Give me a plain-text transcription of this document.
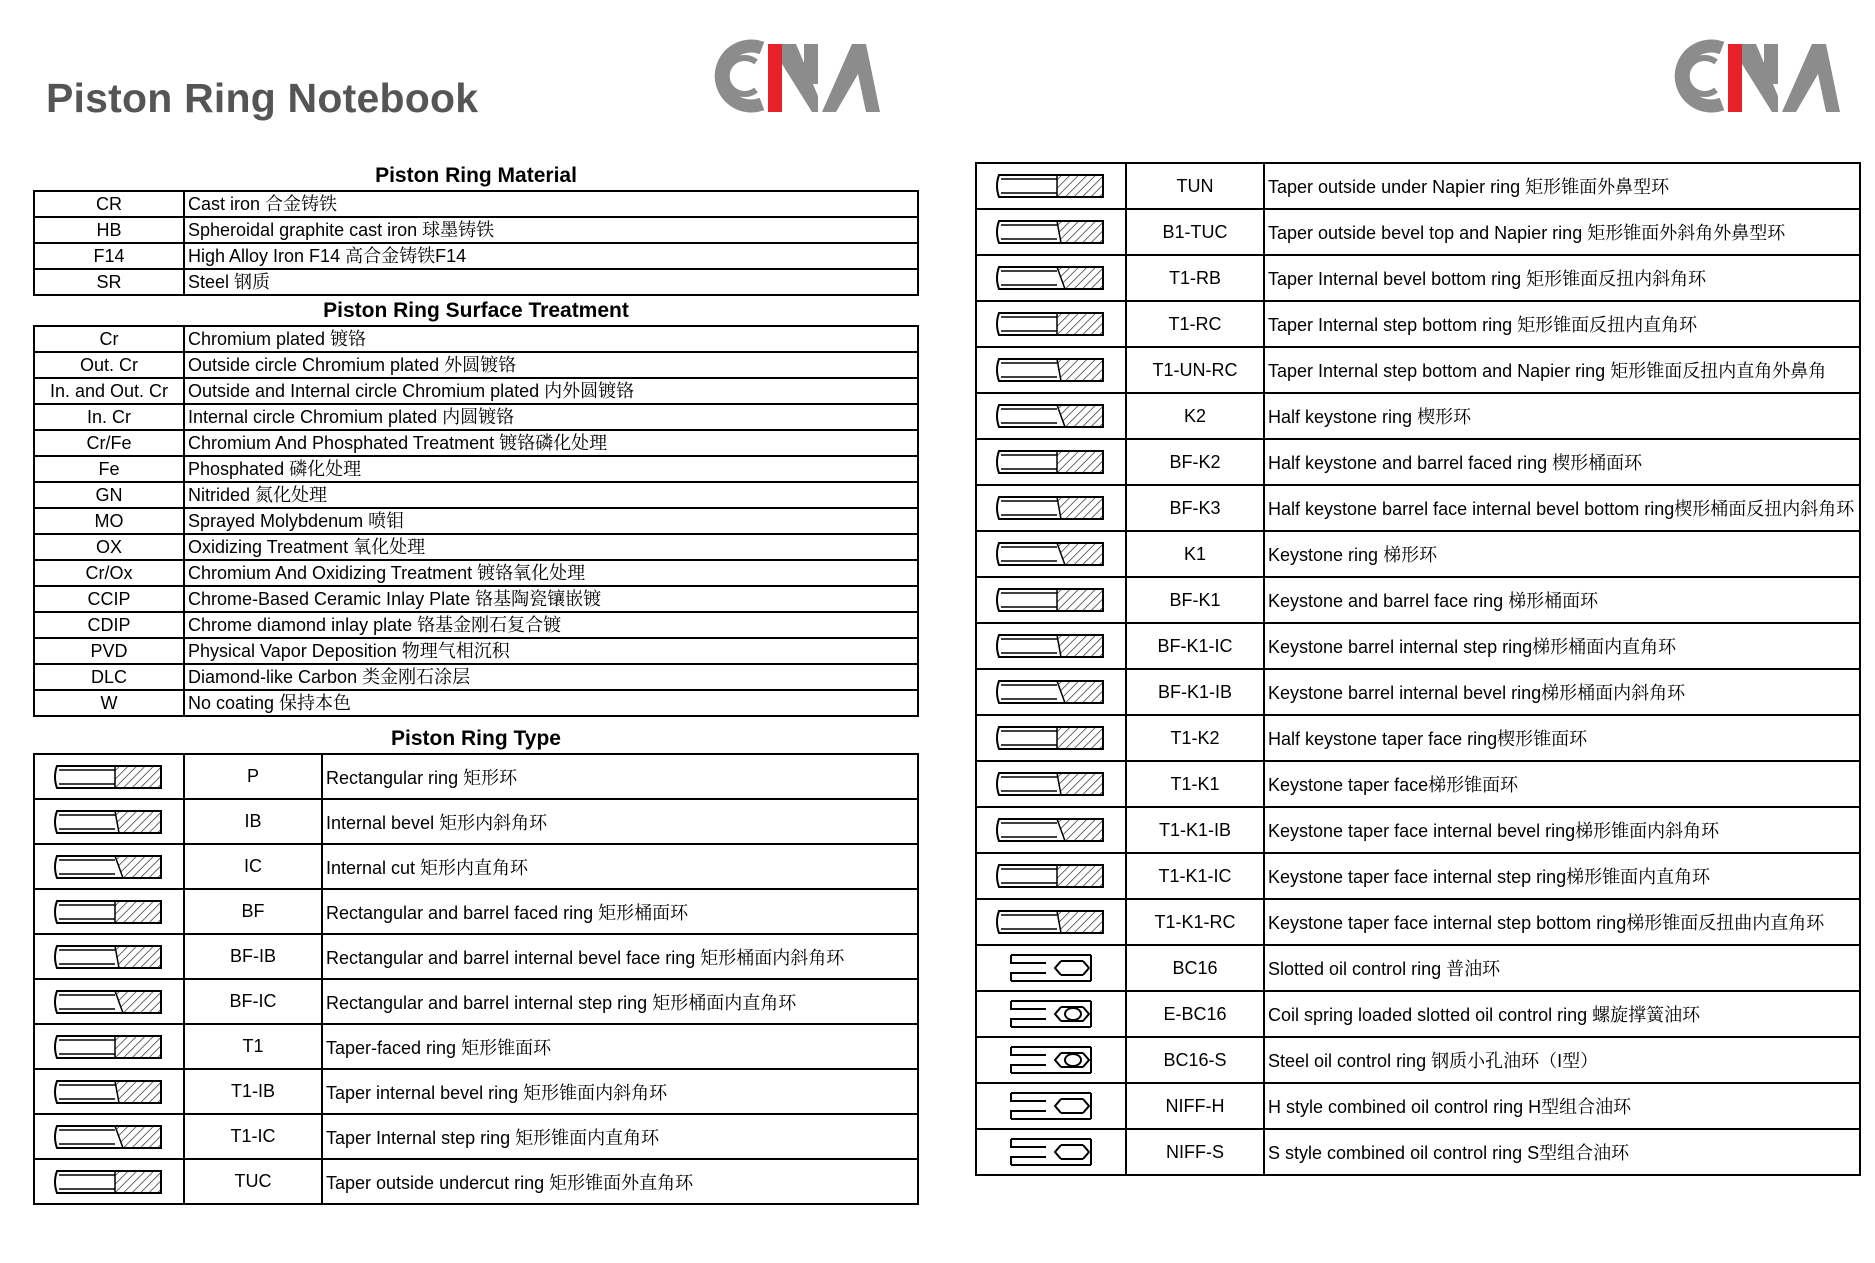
Piston Ring Notebook
Piston Ring Material
CR	Cast iron 合金铸铁
HB	Spheroidal graphite cast iron 球墨铸铁
F14	High Alloy Iron F14 高合金铸铁F14
SR	Steel 钢质
Piston Ring Surface Treatment
Cr	Chromium plated 镀铬
Out. Cr	Outside circle Chromium plated 外圆镀铬
In. and Out. Cr	Outside and Internal circle Chromium plated 内外圆镀铬
In. Cr	Internal circle Chromium plated 内圆镀铬
Cr/Fe	Chromium And Phosphated Treatment 镀铬磷化处理
Fe	Phosphated 磷化处理
GN	Nitrided 氮化处理
MO	Sprayed Molybdenum 喷钼
OX	Oxidizing Treatment 氧化处理
Cr/Ox	Chromium And Oxidizing Treatment 镀铬氧化处理
CCIP	Chrome-Based Ceramic Inlay Plate 铬基陶瓷镶嵌镀
CDIP	Chrome diamond inlay plate 铬基金刚石复合镀
PVD	Physical Vapor Deposition 物理气相沉积
DLC	Diamond-like Carbon 类金刚石涂层
W	No coating 保持本色
Piston Ring Type
	P	Rectangular ring 矩形环

	IB	Internal bevel 矩形内斜角环

	IC	Internal cut 矩形内直角环

	BF	Rectangular and barrel faced ring 矩形桶面环

	BF-IB	Rectangular and barrel internal bevel face ring 矩形桶面内斜角环

	BF-IC	Rectangular and barrel internal step ring 矩形桶面内直角环

	T1	Taper-faced ring 矩形锥面环

	T1-IB	Taper internal bevel ring 矩形锥面内斜角环

	T1-IC	Taper Internal step ring 矩形锥面内直角环

	TUC	Taper outside undercut ring 矩形锥面外直角环
	TUN	Taper outside under Napier ring 矩形锥面外鼻型环

	B1-TUC	Taper outside bevel top and Napier ring 矩形锥面外斜角外鼻型环

	T1-RB	Taper Internal bevel bottom ring 矩形锥面反扭内斜角环

	T1-RC	Taper Internal step bottom ring 矩形锥面反扭内直角环

	T1-UN-RC	Taper Internal step bottom and Napier ring 矩形锥面反扭内直角外鼻角

	K2	Half keystone ring 楔形环

	BF-K2	Half keystone and barrel faced ring 楔形桶面环

	BF-K3	Half keystone barrel face internal bevel bottom ring楔形桶面反扭内斜角环

	K1	Keystone ring 梯形环

	BF-K1	Keystone and barrel face ring 梯形桶面环

	BF-K1-IC	Keystone barrel internal step ring梯形桶面内直角环

	BF-K1-IB	Keystone barrel internal bevel ring梯形桶面内斜角环

	T1-K2	Half keystone taper face ring楔形锥面环

	T1-K1	Keystone taper face梯形锥面环

	T1-K1-IB	Keystone taper face internal bevel ring梯形锥面内斜角环

	T1-K1-IC	Keystone taper face internal step ring梯形锥面内直角环

	T1-K1-RC	Keystone taper face internal step bottom ring梯形锥面反扭曲内直角环

	BC16	Slotted oil control ring 普油环

	E-BC16	Coil spring loaded slotted oil control ring 螺旋撑簧油环

	BC16-S	Steel oil control ring 钢质小孔油环（I型）

	NIFF-H	H style combined oil control ring H型组合油环

	NIFF-S	S style combined oil control ring S型组合油环
